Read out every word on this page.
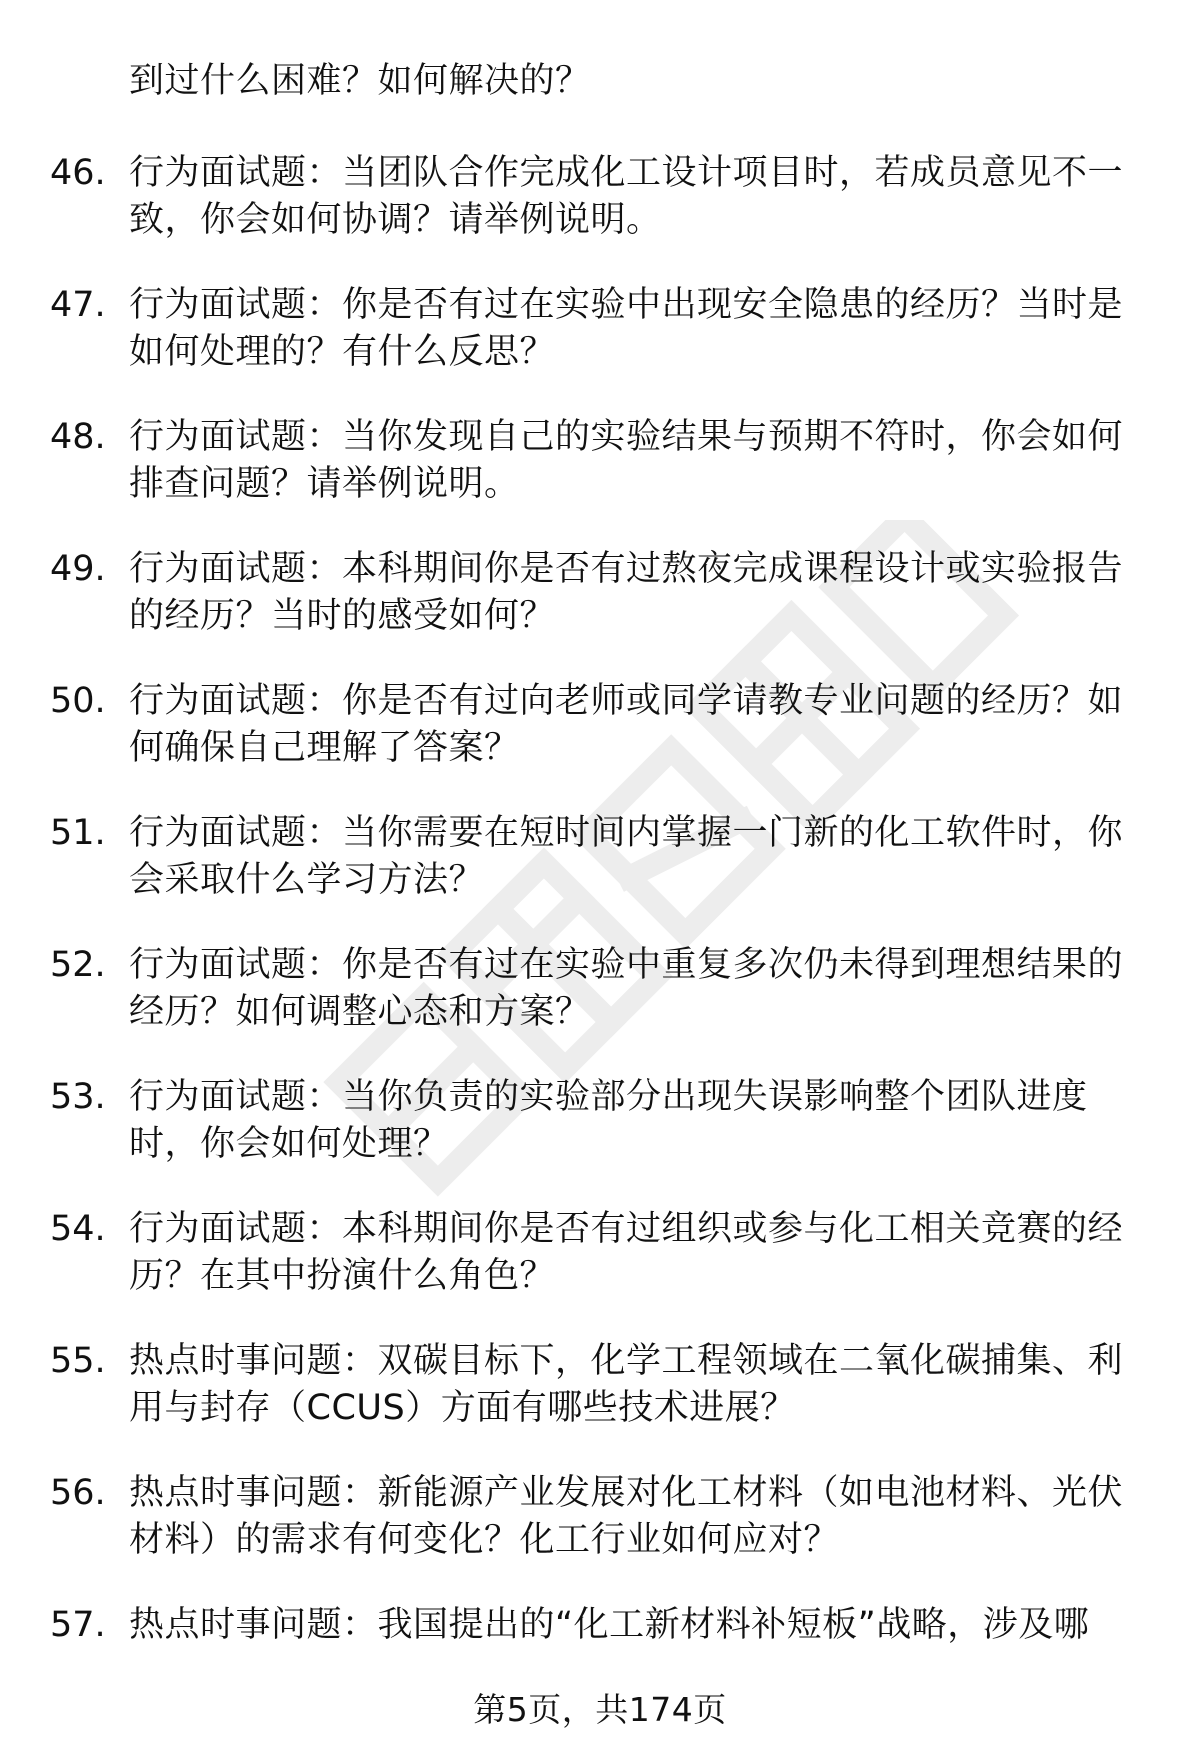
到过什么困难？如何解决的？
46. 行为面试题：当团队合作完成化工设计项目时，若成员意见不一
致，你会如何协调？请举例说明。
47. 行为面试题：你是否有过在实验中出现安全隐患的经历？当时是
如何处理的？有什么反思？
48. 行为面试题：当你发现自己的实验结果与预期不符时，你会如何
排查问题？请举例说明。
49. 行为面试题：本科期间你是否有过熬夜完成课程设计或实验报告
的经历？当时的感受如何？
50. 行为面试题：你是否有过向老师或同学请教专业问题的经历？如
何确保自己理解了答案？
51. 行为面试题：当你需要在短时间内掌握一门新的化工软件时，你
会采取什么学习方法？
52. 行为面试题：你是否有过在实验中重复多次仍未得到理想结果的
经历？如何调整心态和方案？
53. 行为面试题：当你负责的实验部分出现失误影响整个团队进度
时，你会如何处理？
54. 行为面试题：本科期间你是否有过组织或参与化工相关竞赛的经
历？在其中扮演什么角色？
55. 热点时事问题：双碳目标下，化学工程领域在二氧化碳捕集、利
用与封存（CCUS）方面有哪些技术进展？
56. 热点时事问题：新能源产业发展对化工材料（如电池材料、光伏
材料）的需求有何变化？化工行业如何应对？
57. 热点时事问题：我国提出的“化工新材料补短板”战略，涉及哪
第5页，共174页
